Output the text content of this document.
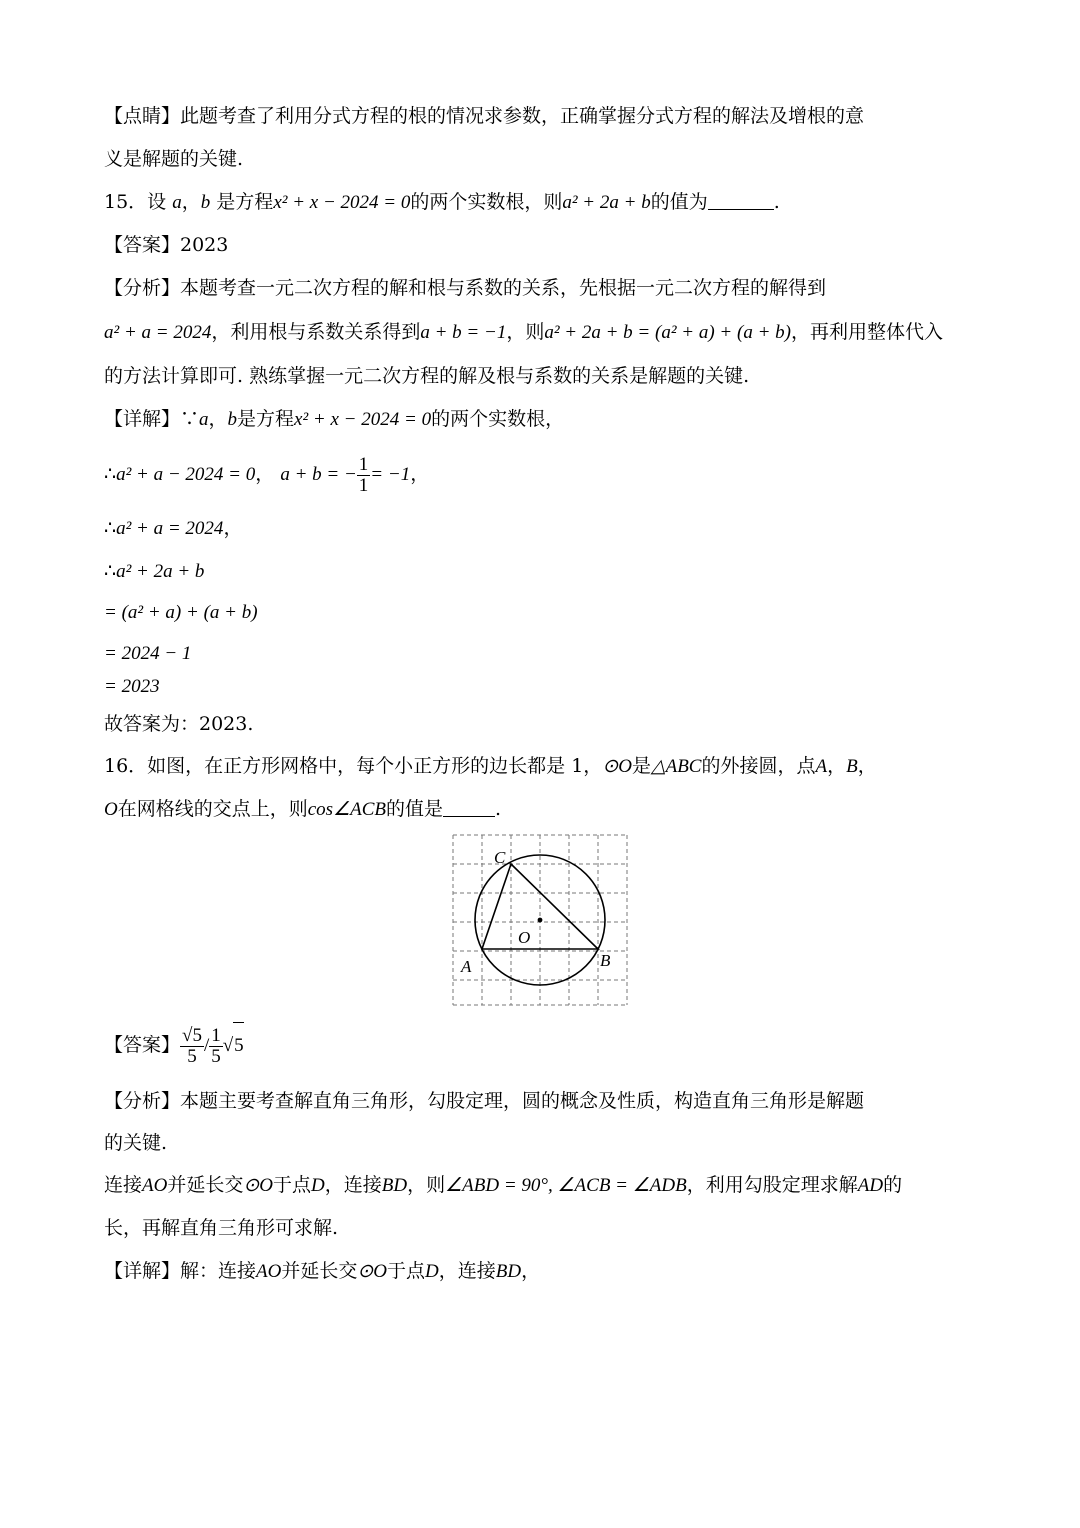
【点睛】此题考查了利用分式方程的根的情况求参数，正确掌握分式方程的解法及增根的意
义是解题的关键.
15．设 a，b 是方程x² + x − 2024 = 0的两个实数根，则a² + 2a + b的值为	.
【答案】2023
【分析】本题考查一元二次方程的解和根与系数的关系，先根据一元二次方程的解得到
a² + a = 2024，利用根与系数关系得到a + b = −1，则a² + 2a + b = (a² + a) + (a + b)，再利用整体代入
的方法计算即可. 熟练掌握一元二次方程的解及根与系数的关系是解题的关键.
【详解】∵a，b是方程x² + x − 2024 = 0的两个实数根，
∴a² + a − 2024 = 0， a + b = − $\frac{1}{1} = -1$，
∴a² + a = 2024，
∴a² + 2a + b
= (a² + a) + (a + b)
= 2024 − 1
= 2023
故答案为：2023.
16．如图，在正方形网格中，每个小正方形的边长都是 1，⊙O是△ABC的外接圆，点A，B，
O在网格线的交点上，则cos∠ACB的值是	.
C
O
A	B
【答案】 $\frac{√5}{5} / \frac{1}{5} √5$
【分析】本题主要考查解直角三角形，勾股定理，圆的概念及性质，构造直角三角形是解题
的关键.
连接AO并延长交⊙O于点D，连接BD，则∠ABD = 90°, ∠ACB = ∠ADB，利用勾股定理求解AD的
长，再解直角三角形可求解.
【详解】解：连接AO并延长交⊙O于点D，连接BD，
